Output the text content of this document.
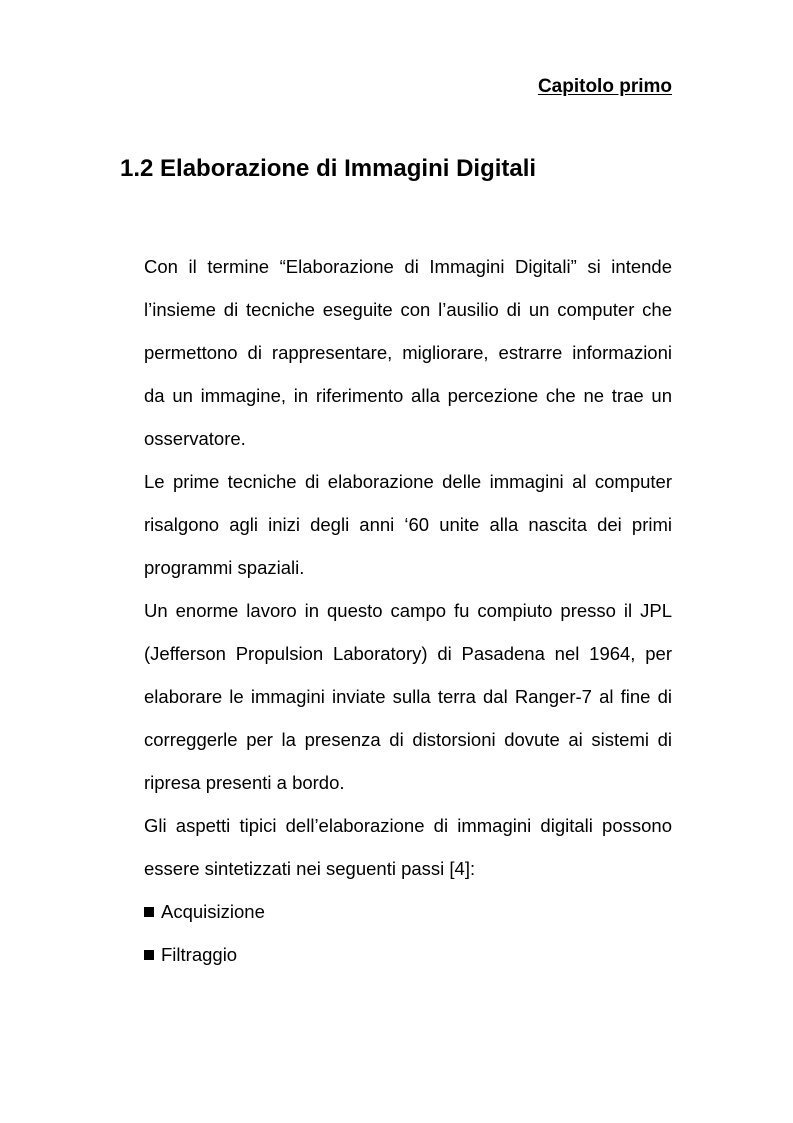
Capitolo primo
1.2 Elaborazione di Immagini Digitali

Con il termine “Elaborazione di Immagini Digitali” si intende l’insieme di tecniche eseguite con l’ausilio di un computer che permettono di rappresentare, migliorare, estrarre informazioni da un immagine, in riferimento alla percezione che ne trae un osservatore.

Le prime tecniche di elaborazione delle immagini al computer risalgono agli inizi degli anni ‘60 unite alla nascita dei primi programmi spaziali.

Un enorme lavoro in questo campo fu compiuto presso il JPL (Jefferson Propulsion Laboratory) di Pasadena nel 1964, per elaborare le immagini inviate sulla terra dal Ranger-7 al fine di correggerle per la presenza di distorsioni dovute ai sistemi di ripresa presenti a bordo.

Gli aspetti tipici dell’elaborazione di immagini digitali possono essere sintetizzati nei seguenti passi [4]:

Acquisizione
Filtraggio
